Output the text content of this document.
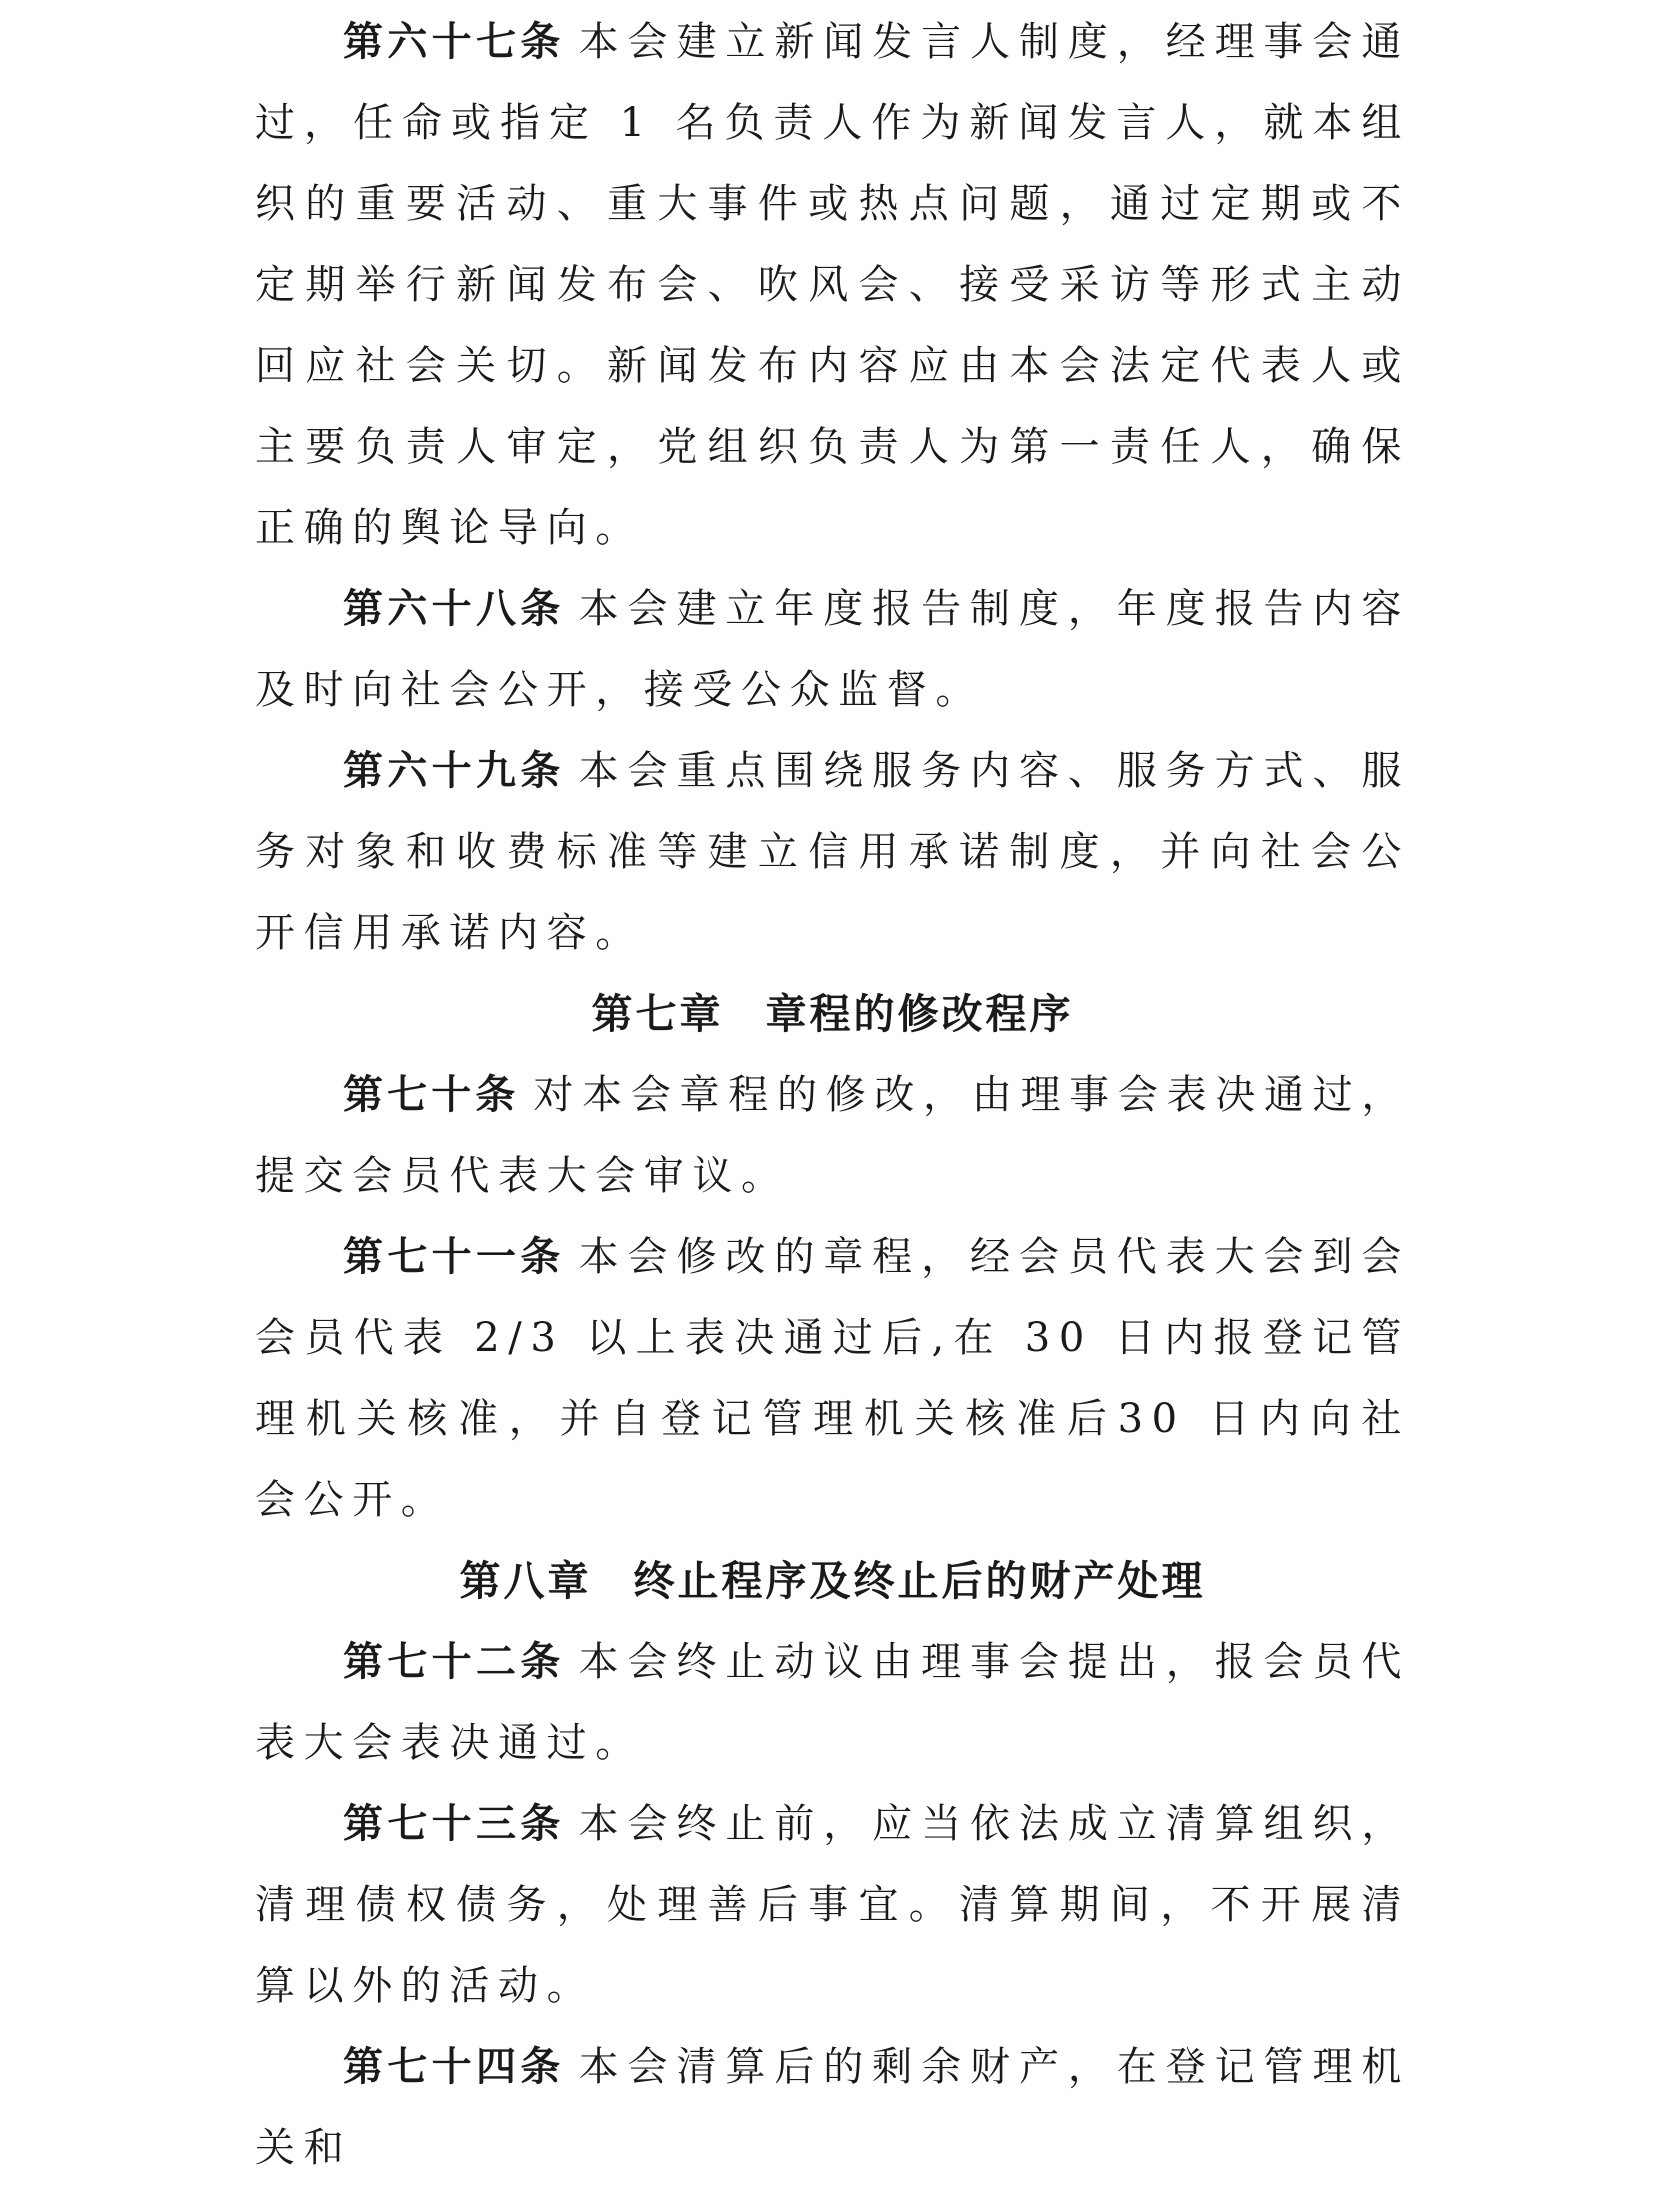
第六十七条 本会建立新闻发言人制度，经理事会通过，任命或指定 1 名负责人作为新闻发言人，就本组织的重要活动、重大事件或热点问题，通过定期或不定期举行新闻发布会、吹风会、接受采访等形式主动回应社会关切。新闻发布内容应由本会法定代表人或主要负责人审定，党组织负责人为第一责任人，确保正确的舆论导向。

第六十八条 本会建立年度报告制度，年度报告内容及时向社会公开，接受公众监督。

第六十九条 本会重点围绕服务内容、服务方式、服务对象和收费标准等建立信用承诺制度，并向社会公开信用承诺内容。

第七章 章程的修改程序

第七十条 对本会章程的修改，由理事会表决通过，提交会员代表大会审议。

第七十一条 本会修改的章程，经会员代表大会到会会员代表 2/3 以上表决通过后,在 30 日内报登记管理机关核准，并自登记管理机关核准后30 日内向社会公开。

第八章 终止程序及终止后的财产处理

第七十二条 本会终止动议由理事会提出，报会员代表大会表决通过。

第七十三条 本会终止前，应当依法成立清算组织，清理债权债务，处理善后事宜。清算期间，不开展清算以外的活动。

第七十四条 本会清算后的剩余财产，在登记管理机关和
